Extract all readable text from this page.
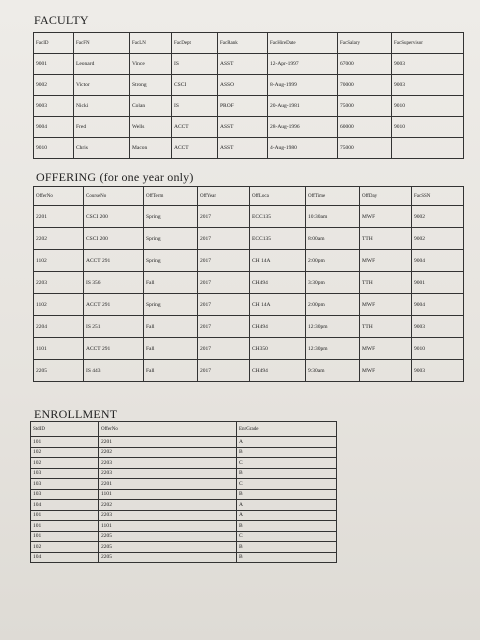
FACULTY
FacID	FacFN	FacLN	FacDept	FacRank	FacHireDate	FacSalary	FacSupervisor
9001	Leonard	Vince	IS	ASST	12-Apr-1997	67000	9003
9002	Victor	Strong	CSCI	ASSO	8-Aug-1999	70000	9003
9003	Nicki	Colan	IS	PROF	20-Aug-1981	75000	9010
9004	Fred	Wells	ACCT	ASST	28-Aug-1996	60000	9010
9010	Chris	Macon	ACCT	ASST	4-Aug-1980	75000	
OFFERING (for one year only)
OfferNo	CourseNo	OffTerm	OffYear	OffLoca	OffTime	OffDay	FacSSN
2201	CSCI 200	Spring	2017	ECC135	10:30am	MWF	9002
2202	CSCI 200	Spring	2017	ECC135	8:00am	TTH	9002
1102	ACCT 291	Spring	2017	CH 14A	2:00pm	MWF	9004
2203	IS 356	Fall	2017	CH494	3:30pm	TTH	9001
1102	ACCT 291	Spring	2017	CH 14A	2:00pm	MWF	9004
2204	IS 251	Fall	2017	CH494	12:30pm	TTH	9003
1101	ACCT 291	Fall	2017	CH350	12:30pm	MWF	9010
2205	IS 443	Fall	2017	CH494	9:30am	MWF	9003
ENROLLMENT
StdID	OfferNo	EnrGrade
101	2201	A
102	2202	B
102	2203	C
103	2203	B
103	2201	C
103	1101	B
104	2202	A
101	2203	A
101	1101	B
101	2205	C
102	2205	B
104	2205	B
